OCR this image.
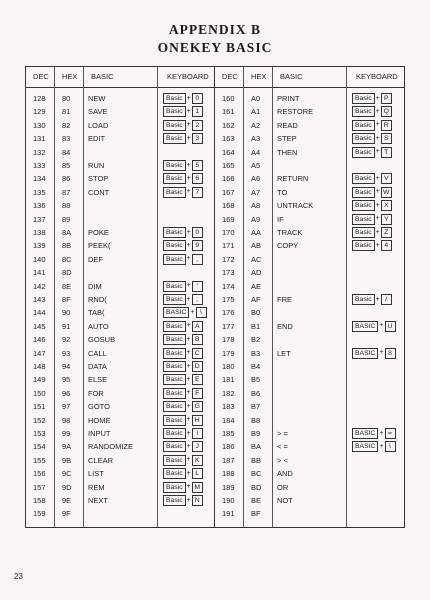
APPENDIX B
ONEKEY BASIC
DEC HEX BASIC	KEYBOARD
128 80 NEW	Basic + 0
129 81 SAVE	Basic + 1
130 82 LOAD	Basic + 2
131 83 EDIT	Basic + 3
132 84
133 85 RUN	Basic + 5
134 86 STOP	Basic + 6
135 87 CONT	Basic + 7
136 88
137 89
138 8A POKE	Basic + 0
139 8B PEEK(	Basic + 9
140 8C DEF	Basic + ,
141 8D
142 8E DIM	Basic + '
143 8F RND(	Basic + ;
144 90 TAB(	BASIC + \
145 91 AUTO	Basic + A
146 92 GOSUB	Basic + B
147 93 CALL	Basic + C
148 94 DATA	Basic + D
149 95 ELSE	Basic + E
150 96 FOR	Basic + F
151 97 GOTO	Basic + G
152 98 HOME	Basic + H
153 99 INPUT	Basic + I
154 9A RANDOMIZE	Basic + J
155 9B CLEAR	Basic + K
156 9C LIST	Basic + L
157 9D REM	Basic + M
158 9E NEXT	Basic + N
159 9F
DEC HEX BASIC	KEYBOARD
160 A0 PRINT	Basic + P
161 A1 RESTORE	Basic + Q
162 A2 READ	Basic + R
163 A3 STEP	Basic + S
164 A4 THEN	Basic + T
165 A5
166 A6 RETURN	Basic + V
167 A7 TO	Basic + W
168 A8 UNTRACK	Basic + X
169 A9 IF	Basic + Y
170 AA TRACK	Basic + Z
171 AB COPY	Basic + 4
172 AC
173 AD
174 AE
175 AF FRE	Basic + /
176 B0
177 B1 END	BASIC + U
178 B2
179 B3 LET	BASIC + 8
180 B4
181 B5
182 B6
183 B7
184 B8
185 B9 > =	BASIC + =
186 BA < =	BASIC + \
187 BB > <
188 BC AND
189 BD OR
190 BE NOT
191 BF
23
